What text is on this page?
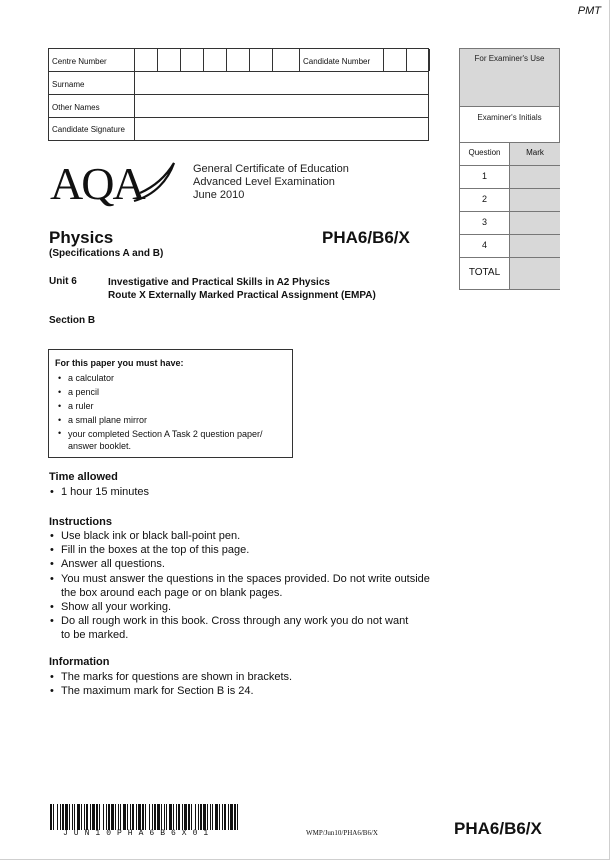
PMT
Centre Number	Candidate Number
Surname
Other Names
Candidate Signature
For Examiner's Use
Examiner's Initials
Question	Mark
1
2
3
4
TOTAL
AQA	General Certificate of Education
Advanced Level Examination
June 2010
Physics
(Specifications A and B)
PHA6/B6/X
Unit 6	Investigative and Practical Skills in A2 Physics
Route X Externally Marked Practical Assignment (EMPA)
Section B
For this paper you must have:
• a calculator
• a pencil
• a ruler
• a small plane mirror
• your completed Section A Task 2 question paper/
answer booklet.
Time allowed
• 1 hour 15 minutes
Instructions
• Use black ink or black ball-point pen.
• Fill in the boxes at the top of this page.
• Answer all questions.
• You must answer the questions in the spaces provided. Do not write outside
the box around each page or on blank pages.
• Show all your working.
• Do all rough work in this book. Cross through any work you do not want
to be marked.
Information
• The marks for questions are shown in brackets.
• The maximum mark for Section B is 24.
JUN10PHA6B6X01	WMP/Jun10/PHA6/B6/X	PHA6/B6/X
